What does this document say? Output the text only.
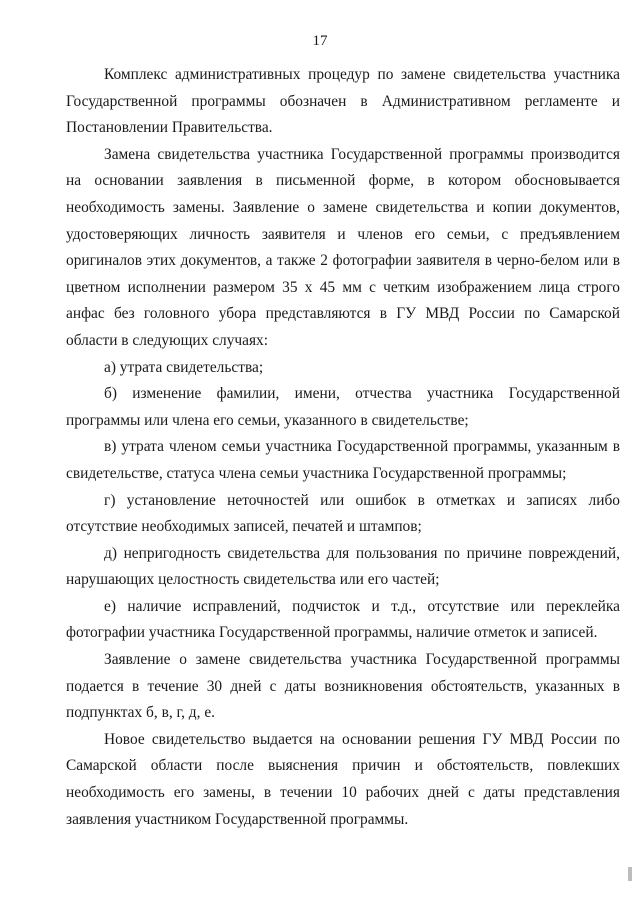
17

Комплекс административных процедур по замене свидетельства участника Государственной программы обозначен в Административном регламенте и Постановлении Правительства.

Замена свидетельства участника Государственной программы производится на основании заявления в письменной форме, в котором обосновывается необходимость замены. Заявление о замене свидетельства и копии документов, удостоверяющих личность заявителя и членов его семьи, с предъявлением оригиналов этих документов, а также 2 фотографии заявителя в черно-белом или в цветном исполнении размером 35 х 45 мм с четким изображением лица строго анфас без головного убора представляются в ГУ МВД России по Самарской области в следующих случаях:

а) утрата свидетельства;

б) изменение фамилии, имени, отчества участника Государственной программы или члена его семьи, указанного в свидетельстве;

в) утрата членом семьи участника Государственной программы, указанным в свидетельстве, статуса члена семьи участника Государственной программы;

г) установление неточностей или ошибок в отметках и записях либо отсутствие необходимых записей, печатей и штампов;

д) непригодность свидетельства для пользования по причине повреждений, нарушающих целостность свидетельства или его частей;

е) наличие исправлений, подчисток и т.д., отсутствие или переклейка фотографии участника Государственной программы, наличие отметок и записей.

Заявление о замене свидетельства участника Государственной программы подается в течение 30 дней с даты возникновения обстоятельств, указанных в подпунктах б, в, г, д, е.

Новое свидетельство выдается на основании решения ГУ МВД России по Самарской области после выяснения причин и обстоятельств, повлекших необходимость его замены, в течении 10 рабочих дней с даты представления заявления участником Государственной программы.
